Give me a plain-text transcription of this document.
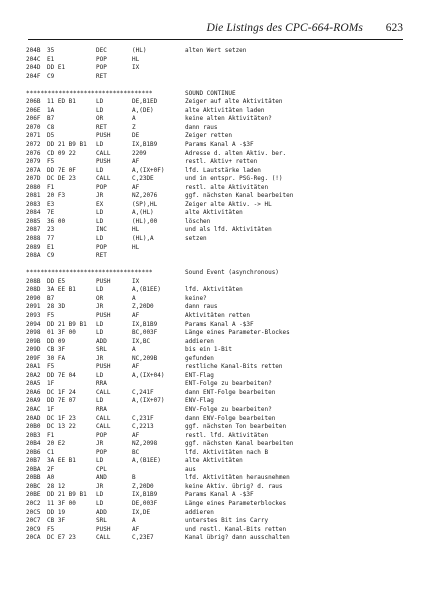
Die Listings des CPC-664-ROMs 623
204B 35	DEC	(HL)	alten Wert setzen
204C E1	POP	HL
204D DD E1	POP	IX
204F C9	RET
***********************************	SOUND CONTINUE
206B 11 ED B1	LD	DE,B1ED	Zeiger auf alte Aktivitäten
206E 1A	LD	A,(DE)	alte Aktivitäten laden
206F B7	OR	A	keine alten Aktivitäten?
2070 C8	RET	Z	dann raus
2071 D5	PUSH	DE	Zeiger retten
2072 DD 21 B9 B1 LD	IX,B1B9	Params Kanal A -$3F
2076 CD 09 22	CALL	2209	Adresse d. alten Aktiv. ber.
2079 F5	PUSH	AF	restl. Aktiv+ retten
207A DD 7E 0F	LD	A,(IX+0F)	lfd. Lautstärke laden
207D DC DE 23	CALL	C,23DE	und in entspr. PSG-Reg. (!)
2080 F1	POP	AF	restl. alte Aktivitäten
2081 20 F3	JR	NZ,2076	ggf. nächsten Kanal bearbeiten
2083 E3	EX	(SP),HL	Zeiger alte Aktiv. -> HL
2084 7E	LD	A,(HL)	alte Aktivitäten
2085 36 00	LD	(HL),00	löschen
2087 23	INC	HL	und als lfd. Aktivitäten
2088 77	LD	(HL),A	setzen
2089 E1	POP	HL
208A C9	RET
***********************************	Sound Event (asynchronous)
208B DD E5	PUSH	IX
208D 3A EE B1	LD	A,(B1EE)	lfd. Aktivitäten
2090 B7	OR	A	keine?
2091 28 3D	JR	Z,20D0	dann raus
2093 F5	PUSH	AF	Aktivitäten retten
2094 DD 21 B9 B1 LD	IX,B1B9	Params Kanal A -$3F
2098 01 3F 00	LD	BC,003F	Länge eines Parameter-Blockes
209B DD 09	ADD	IX,BC	addieren
209D CB 3F	SRL	A	bis ein 1-Bit
209F 30 FA	JR	NC,209B	gefunden
20A1 F5	PUSH	AF	restliche Kanal-Bits retten
20A2 DD 7E 04	LD	A,(IX+04)	ENT-Flag
20A5 1F	RRA	ENT-Folge zu bearbeiten?
20A6 DC 1F 24	CALL	C,241F	dann ENT-Folge bearbeiten
20A9 DD 7E 07	LD	A,(IX+07)	ENV-Flag
20AC 1F	RRA	ENV-Folge zu bearbeiten?
20AD DC 1F 23	CALL	C,231F	dann ENV-Folge bearbeiten
20B0 DC 13 22	CALL	C,2213	ggf. nächsten Ton bearbeiten
20B3 F1	POP	AF	restl. lfd. Aktivitäten
20B4 20 E2	JR	NZ,2098	ggf. nächsten Kanal bearbeiten
20B6 C1	POP	BC	lfd. Aktivitäten nach B
20B7 3A EE B1	LD	A,(B1EE)	alte Aktivitäten
20BA 2F	CPL	aus
20BB A0	AND	B	lfd. Aktivitäten herausnehmen
20BC 28 12	JR	Z,20D0	keine Aktiv. übrig? d. raus
20BE DD 21 B9 B1 LD	IX,B1B9	Params Kanal A -$3F
20C2 11 3F 00	LD	DE,003F	Länge eines Parameterblockes
20C5 DD 19	ADD	IX,DE	addieren
20C7 CB 3F	SRL	A	unterstes Bit ins Carry
20C9 F5	PUSH	AF	und restl. Kanal-Bits retten
20CA DC E7 23	CALL	C,23E7	Kanal übrig? dann ausschalten
